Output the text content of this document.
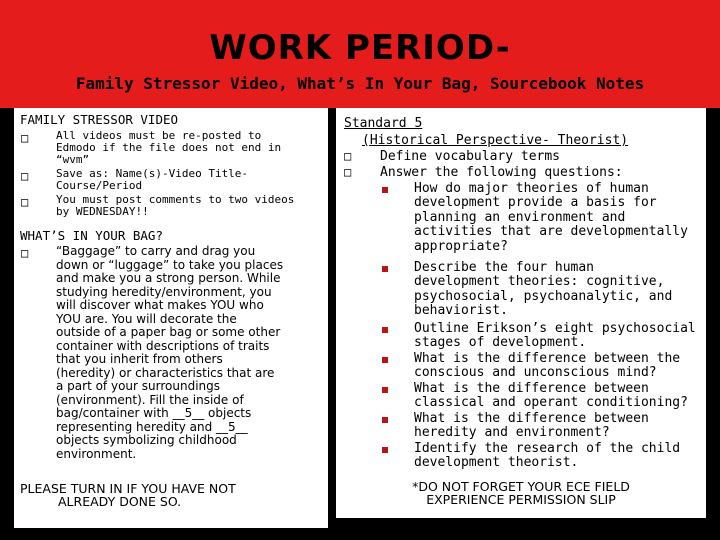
WORK PERIOD-
Family Stressor Video, What’s In Your Bag, Sourcebook Notes
FAMILY STRESSOR VIDEO
□	All videos must be re-posted to
Edmodo if the file does not end in
“wvm”
□	Save as: Name(s)-Video Title-
Course/Period
□	You must post comments to two videos
by WEDNESDAY!!
WHAT’S IN YOUR BAG?
□ “Baggage” to carry and drag you
down or “luggage” to take you places
and make you a strong person. While
studying heredity/environment, you
will discover what makes YOU who
YOU are. You will decorate the
outside of a paper bag or some other
container with descriptions of traits
that you inherit from others
(heredity) or characteristics that are
a part of your surroundings
(environment). Fill the inside of
bag/container with __5__ objects
representing heredity and __5__
objects symbolizing childhood
environment.
PLEASE TURN IN IF YOU HAVE NOT
ALREADY DONE SO.
Standard 5
(Historical Perspective- Theorist)
□ Define vocabulary terms
□ Answer the following questions:
How do major theories of human
development provide a basis for
planning an environment and
activities that are developmentally
appropriate?
Describe the four human
development theories: cognitive,
psychosocial, psychoanalytic, and
behaviorist.
Outline Erikson’s eight psychosocial
stages of development.
What is the difference between the
conscious and unconscious mind?
What is the difference between
classical and operant conditioning?
What is the difference between
heredity and environment?
Identify the research of the child
development theorist.
*DO NOT FORGET YOUR ECE FIELD
EXPERIENCE PERMISSION SLIP
